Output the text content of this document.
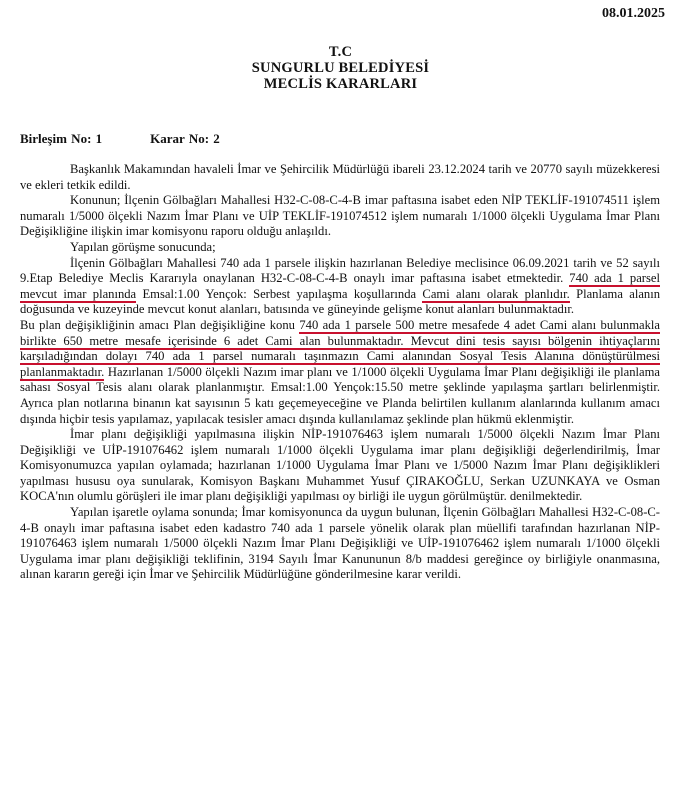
08.01.2025
T.C
SUNGURLU BELEDİYESİ
MECLİS KARARLARI
Birleşim No: 1	Karar No: 2

Başkanlık Makamından havaleli İmar ve Şehircilik Müdürlüğü ibareli 23.12.2024 tarih ve 20770 sayılı müzekkeresi ve ekleri tetkik edildi.

Konunun; İlçenin Gölbağları Mahallesi H32-C-08-C-4-B imar paftasına isabet eden NİP TEKLİF-191074511 işlem numaralı 1/5000 ölçekli Nazım İmar Planı ve UİP TEKLİF-191074512 işlem numaralı 1/1000 ölçekli Uygulama İmar Planı Değişikliğine ilişkin imar komisyonu raporu olduğu anlaşıldı.

Yapılan görüşme sonucunda;

İlçenin Gölbağları Mahallesi 740 ada 1 parsele ilişkin hazırlanan Belediye meclisince 06.09.2021 tarih ve 52 sayılı 9.Etap Belediye Meclis Kararıyla onaylanan H32-C-08-C-4-B onaylı imar paftasına isabet etmektedir. 740 ada 1 parsel mevcut imar planında Emsal:1.00 Yençok: Serbest yapılaşma koşullarında Cami alanı olarak planlıdır. Planlama alanın doğusunda ve kuzeyinde mevcut konut alanları, batısında ve güneyinde gelişme konut alanları bulunmaktadır.

Bu plan değişikliğinin amacı Plan değişikliğine konu 740 ada 1 parsele 500 metre mesafede 4 adet Cami alanı bulunmakla birlikte 650 metre mesafe içerisinde 6 adet Cami alan bulunmaktadır. Mevcut dini tesis sayısı bölgenin ihtiyaçlarını karşıladığından dolayı 740 ada 1 parsel numaralı taşınmazın Cami alanından Sosyal Tesis Alanına dönüştürülmesi planlanmaktadır. Hazırlanan 1/5000 ölçekli Nazım imar planı ve 1/1000 ölçekli Uygulama İmar Planı değişikliği ile planlama sahası Sosyal Tesis alanı olarak planlanmıştır. Emsal:1.00 Yençok:15.50 metre şeklinde yapılaşma şartları belirlenmiştir. Ayrıca plan notlarına binanın kat sayısının 5 katı geçemeyeceğine ve Planda belirtilen kullanım alanlarında kullanım amacı dışında hiçbir tesis yapılamaz, yapılacak tesisler amacı dışında kullanılamaz şeklinde plan hükmü eklenmiştir.

İmar planı değişikliği yapılmasına ilişkin NİP-191076463 işlem numaralı 1/5000 ölçekli Nazım İmar Planı Değişikliği ve UİP-191076462 işlem numaralı 1/1000 ölçekli Uygulama imar planı değişikliği değerlendirilmiş, İmar Komisyonumuzca yapılan oylamada; hazırlanan 1/1000 Uygulama İmar Planı ve 1/5000 Nazım İmar Planı değişiklikleri yapılması hususu oya sunularak, Komisyon Başkanı Muhammet Yusuf ÇIRAKOĞLU, Serkan UZUNKAYA ve Osman KOCA'nın olumlu görüşleri ile imar planı değişikliği yapılması oy birliği ile uygun görülmüştür. denilmektedir.

Yapılan işaretle oylama sonunda; İmar komisyonunca da uygun bulunan, İlçenin Gölbağları Mahallesi H32-C-08-C-4-B onaylı imar paftasına isabet eden kadastro 740 ada 1 parsele yönelik olarak plan müellifi tarafından hazırlanan NİP-191076463 işlem numaralı 1/5000 ölçekli Nazım İmar Planı Değişikliği ve UİP-191076462 işlem numaralı 1/1000 ölçekli Uygulama imar planı değişikliği teklifinin, 3194 Sayılı İmar Kanununun 8/b maddesi gereğince oy birliğiyle onanmasına, alınan kararın gereği için İmar ve Şehircilik Müdürlüğüne gönderilmesine karar verildi.
